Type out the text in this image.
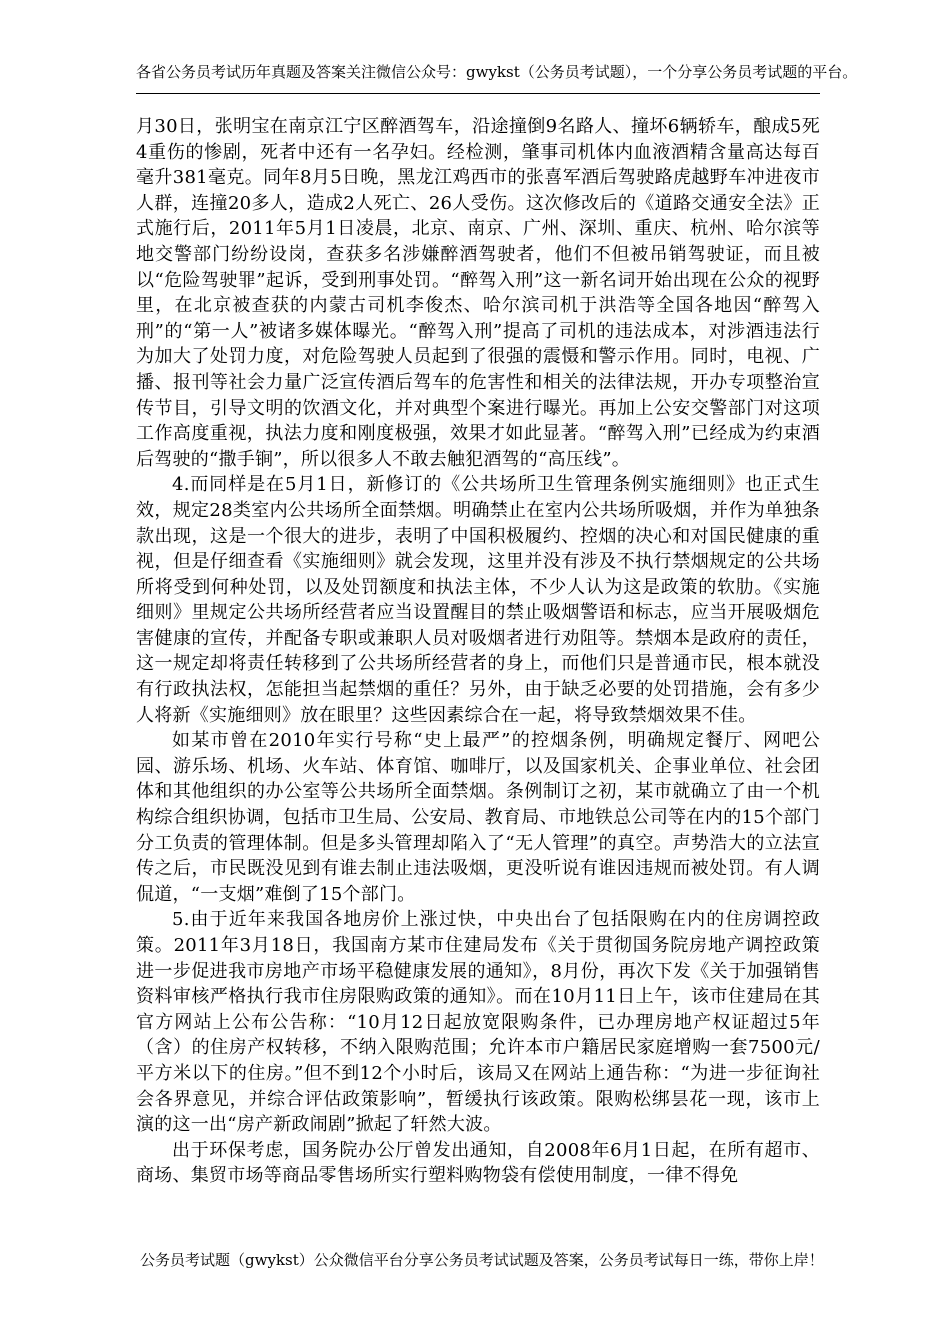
各省公务员考试历年真题及答案关注微信公众号：gwykst（公务员考试题），一个分享公务员考试题的平台。

月30日，张明宝在南京江宁区醉酒驾车，沿途撞倒9名路人、撞坏6辆轿车，酿成5死4重伤的惨剧，死者中还有一名孕妇。经检测，肇事司机体内血液酒精含量高达每百毫升381毫克。同年8月5日晚，黑龙江鸡西市的张喜军酒后驾驶路虎越野车冲进夜市人群，连撞20多人，造成2人死亡、26人受伤。这次修改后的《道路交通安全法》正式施行后，2011年5月1日凌晨，北京、南京、广州、深圳、重庆、杭州、哈尔滨等地交警部门纷纷设岗，查获多名涉嫌醉酒驾驶者，他们不但被吊销驾驶证，而且被以“危险驾驶罪”起诉，受到刑事处罚。“醉驾入刑”这一新名词开始出现在公众的视野里，在北京被查获的内蒙古司机李俊杰、哈尔滨司机于洪浩等全国各地因“醉驾入刑”的“第一人”被诸多媒体曝光。“醉驾入刑”提高了司机的违法成本，对涉酒违法行为加大了处罚力度，对危险驾驶人员起到了很强的震慑和警示作用。同时，电视、广播、报刊等社会力量广泛宣传酒后驾车的危害性和相关的法律法规，开办专项整治宣传节目，引导文明的饮酒文化，并对典型个案进行曝光。再加上公安交警部门对这项工作高度重视，执法力度和刚度极强，效果才如此显著。“醉驾入刑”已经成为约束酒后驾驶的“撒手锏”，所以很多人不敢去触犯酒驾的“高压线”。

4.而同样是在5月1日，新修订的《公共场所卫生管理条例实施细则》也正式生效，规定28类室内公共场所全面禁烟。明确禁止在室内公共场所吸烟，并作为单独条款出现，这是一个很大的进步，表明了中国积极履约、控烟的决心和对国民健康的重视，但是仔细查看《实施细则》就会发现，这里并没有涉及不执行禁烟规定的公共场所将受到何种处罚，以及处罚额度和执法主体，不少人认为这是政策的软肋。《实施细则》里规定公共场所经营者应当设置醒目的禁止吸烟警语和标志，应当开展吸烟危害健康的宣传，并配备专职或兼职人员对吸烟者进行劝阻等。禁烟本是政府的责任，这一规定却将责任转移到了公共场所经营者的身上，而他们只是普通市民，根本就没有行政执法权，怎能担当起禁烟的重任？另外，由于缺乏必要的处罚措施，会有多少人将新《实施细则》放在眼里？这些因素综合在一起，将导致禁烟效果不佳。

如某市曾在2010年实行号称“史上最严”的控烟条例，明确规定餐厅、网吧公园、游乐场、机场、火车站、体育馆、咖啡厅，以及国家机关、企事业单位、社会团体和其他组织的办公室等公共场所全面禁烟。条例制订之初，某市就确立了由一个机构综合组织协调，包括市卫生局、公安局、教育局、市地铁总公司等在内的15个部门分工负责的管理体制。但是多头管理却陷入了“无人管理”的真空。声势浩大的立法宣传之后，市民既没见到有谁去制止违法吸烟，更没听说有谁因违规而被处罚。有人调侃道，“一支烟”难倒了15个部门。

5.由于近年来我国各地房价上涨过快，中央出台了包括限购在内的住房调控政策。2011年3月18日，我国南方某市住建局发布《关于贯彻国务院房地产调控政策进一步促进我市房地产市场平稳健康发展的通知》，8月份，再次下发《关于加强销售资料审核严格执行我市住房限购政策的通知》。而在10月11日上午，该市住建局在其官方网站上公布公告称：“10月12日起放宽限购条件，已办理房地产权证超过5年（含）的住房产权转移，不纳入限购范围；允许本市户籍居民家庭增购一套7500元/平方米以下的住房。”但不到12个小时后，该局又在网站上通告称：“为进一步征询社会各界意见，并综合评估政策影响”，暂缓执行该政策。限购松绑昙花一现，该市上演的这一出“房产新政闹剧”掀起了轩然大波。

出于环保考虑，国务院办公厅曾发出通知，自2008年6月1日起，在所有超市、商场、集贸市场等商品零售场所实行塑料购物袋有偿使用制度，一律不得免

公务员考试题（gwykst）公众微信平台分享公务员考试试题及答案，公务员考试每日一练，带你上岸！
